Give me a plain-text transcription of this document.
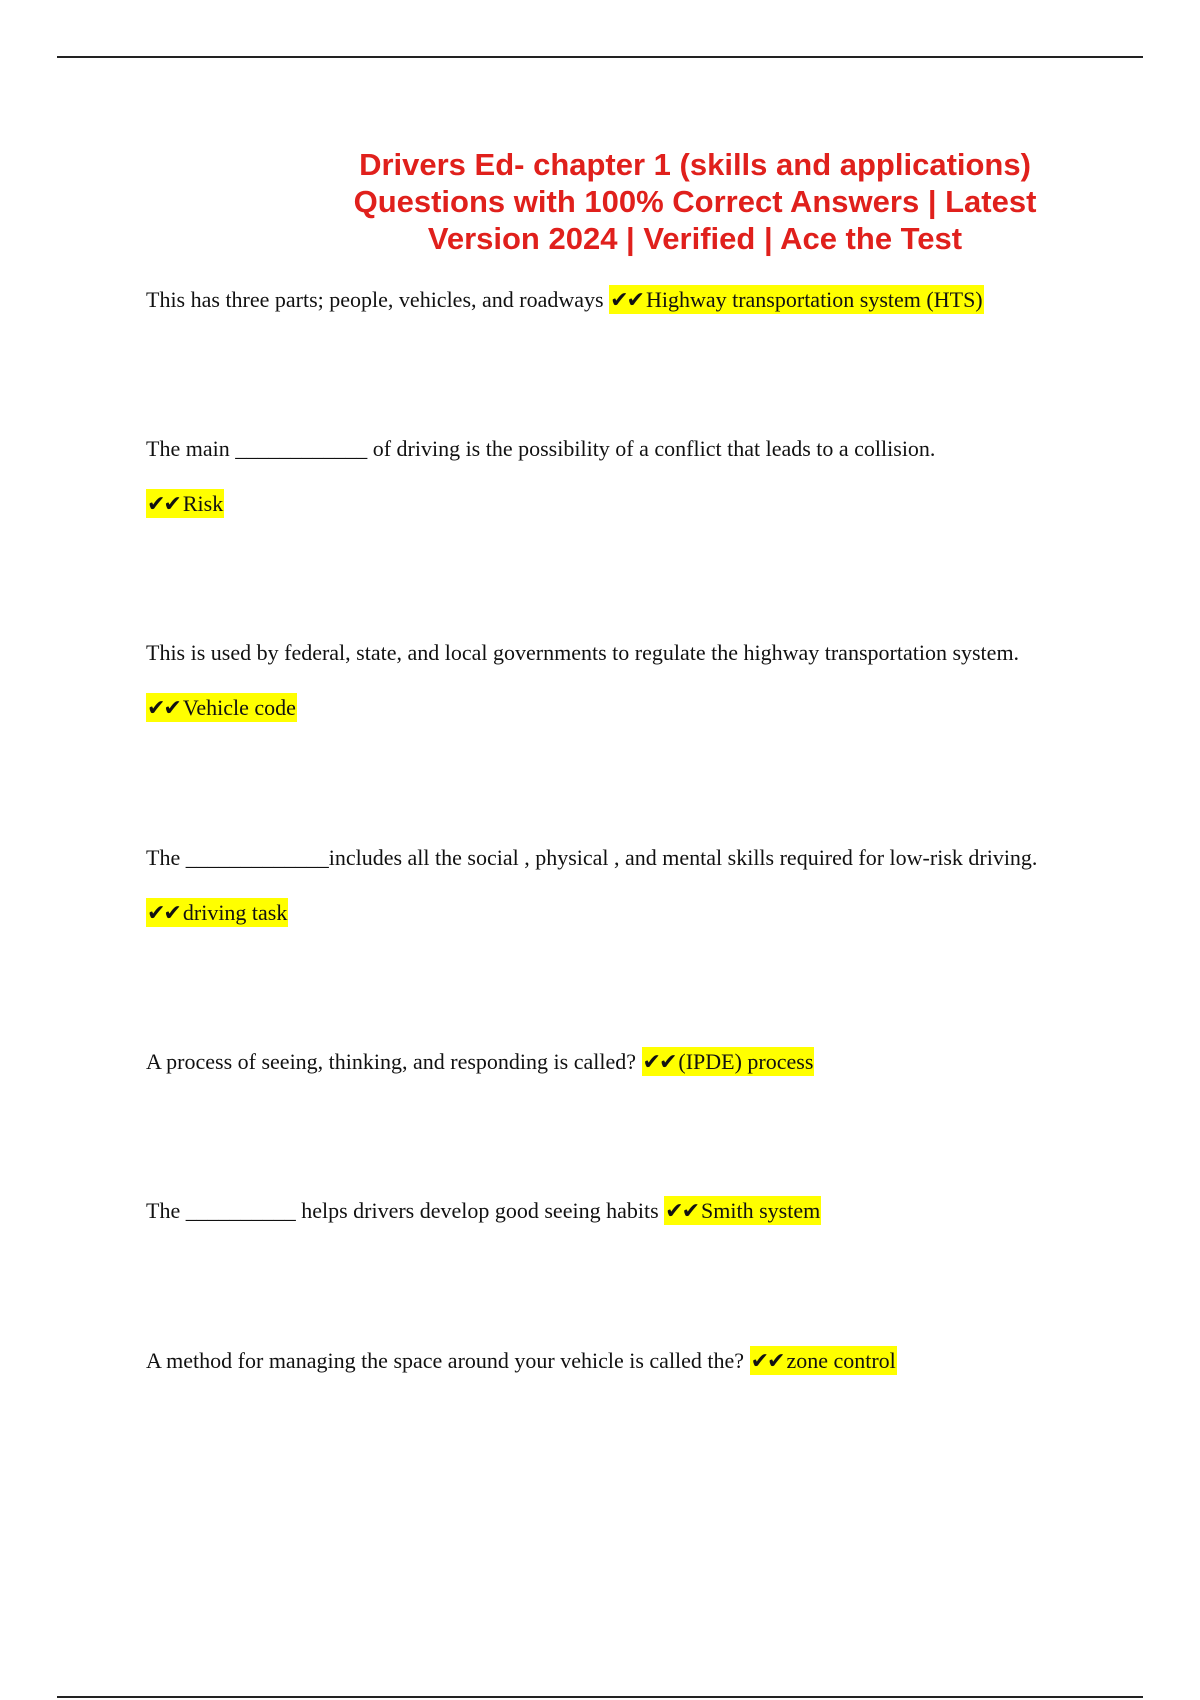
Drivers Ed- chapter 1 (skills and applications)
Questions with 100% Correct Answers | Latest
Version 2024 | Verified | Ace the Test
This has three parts; people, vehicles, and roadways ✔✔ Highway transportation system (HTS)
The main ____________ of driving is the possibility of a conflict that leads to a collision.
✔✔ Risk
This is used by federal, state, and local governments to regulate the highway transportation system. ✔✔ Vehicle code
The _____________includes all the social , physical , and mental skills required for low-risk driving. ✔✔ driving task
A process of seeing, thinking, and responding is called? ✔✔ (IPDE) process
The __________ helps drivers develop good seeing habits ✔✔ Smith system
A method for managing the space around your vehicle is called the? ✔✔ zone control
